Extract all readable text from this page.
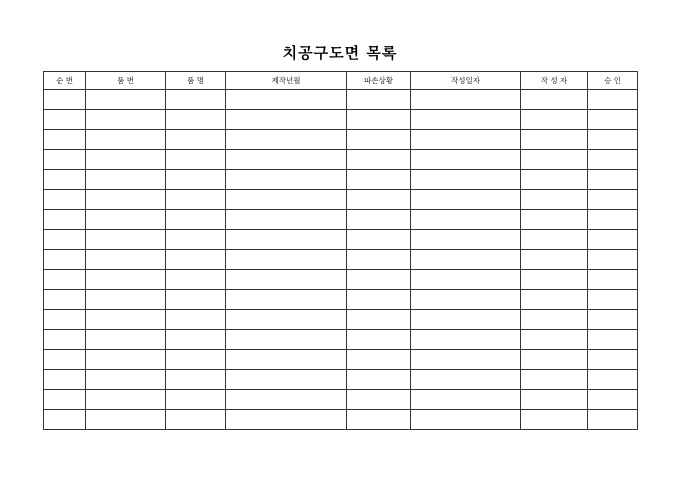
치공구도면 목록
순 번	품 번	품 명	제작년월	파손상황	작성일자	작 성 자	승 인
